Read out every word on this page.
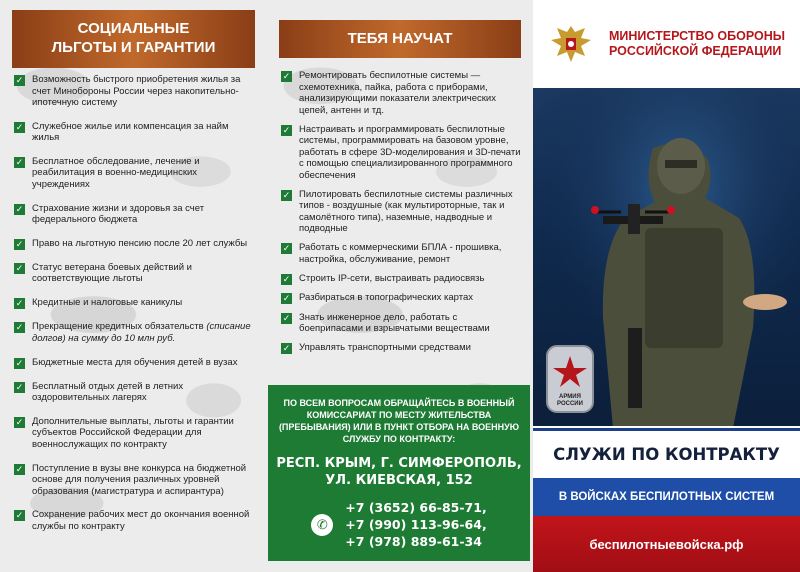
СОЦИАЛЬНЫЕ
ЛЬГОТЫ И ГАРАНТИИ
✓ Возможность быстрого приобретения жилья за счет Минобороны России через накопительно-ипотечную систему
✓ Служебное жилье или компенсация за найм жилья
✓ Бесплатное обследование, лечение и реабилитация в военно-медицинских учреждениях
✓ Страхование жизни и здоровья за счет федерального бюджета
✓ Право на льготную пенсию после 20 лет службы
✓ Статус ветерана боевых действий и соответствующие льготы
✓ Кредитные и налоговые каникулы
✓ Прекращение кредитных обязательств (списание долгов) на сумму до 10 млн руб.
✓ Бюджетные места для обучения детей в вузах
✓ Бесплатный отдых детей в летних оздоровительных лагерях
✓ Дополнительные выплаты, льготы и гарантии субъектов Российской Федерации для военнослужащих по контракту
✓ Поступление в вузы вне конкурса на бюджетной основе для получения различных уровней образования (магистратура и аспирантура)
✓ Сохранение рабочих мест до окончания военной службы по контракту
ТЕБЯ НАУЧАТ
✓ Ремонтировать беспилотные системы — схемотехника, пайка, работа с приборами, анализирующими показатели электрических цепей, антенн и тд.
✓ Настраивать и программировать беспилотные системы, программировать на базовом уровне, работать в сфере 3D-моделирования и 3D-печати с помощью специализированного программного обеспечения
✓ Пилотировать беспилотные системы различных типов - воздушные (как мультироторные, так и самолётного типа), наземные, надводные и подводные
✓ Работать с коммерческими БПЛА - прошивка, настройка, обслуживание, ремонт
✓ Строить IP-сети, выстраивать радиосвязь
✓ Разбираться в топографических картах
✓ Знать инженерное дело, работать с боеприпасами и взрывчатыми веществами
✓ Управлять транспортными средствами
ПО ВСЕМ ВОПРОСАМ ОБРАЩАЙТЕСЬ В ВОЕННЫЙ КОМИССАРИАТ ПО МЕСТУ ЖИТЕЛЬСТВА (ПРЕБЫВАНИЯ) ИЛИ В ПУНКТ ОТБОРА НА ВОЕННУЮ СЛУЖБУ ПО КОНТРАКТУ:
РЕСП. КРЫМ, Г. СИМФЕРОПОЛЬ, УЛ. КИЕВСКАЯ, 152
✆
+7 (3652) 66-85-71,
+7 (990) 113-96-64,
+7 (978) 889-61-34
МИНИСТЕРСТВО ОБОРОНЫ РОССИЙСКОЙ ФЕДЕРАЦИИ
АРМИЯ
РОССИИ
СЛУЖИ ПО КОНТРАКТУ
В ВОЙСКАХ БЕСПИЛОТНЫХ СИСТЕМ
беспилотныевойска.рф
